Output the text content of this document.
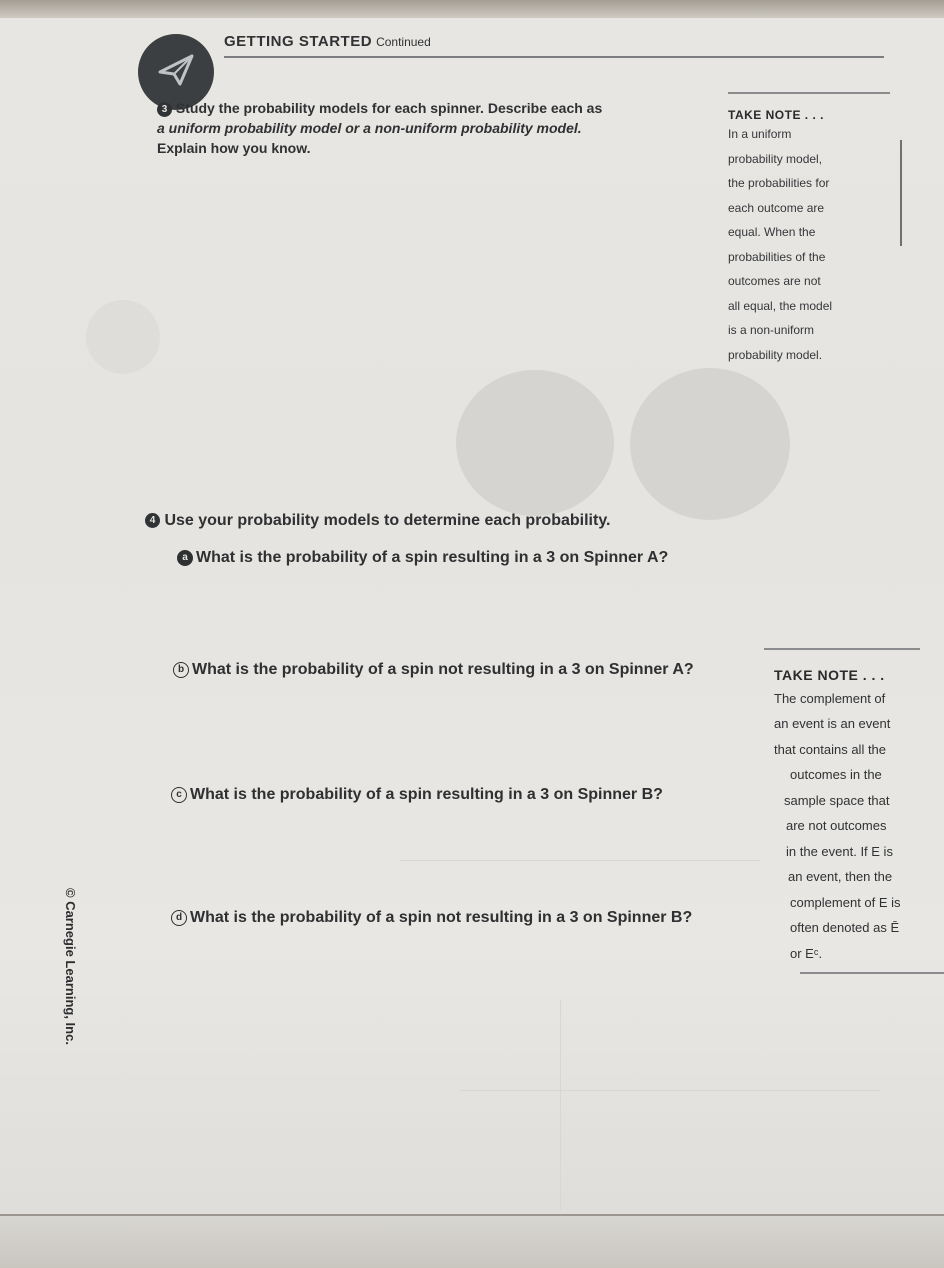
GETTING STARTED Continued
3 Study the probability models for each spinner. Describe each as
a uniform probability model or a non-uniform probability model.
Explain how you know.
TAKE NOTE . . .
In a uniform
probability model,
the probabilities for
each outcome are
equal. When the
probabilities of the
outcomes are not
all equal, the model
is a non-uniform
probability model.
4 Use your probability models to determine each probability.
a What is the probability of a spin resulting in a 3 on Spinner A?
b What is the probability of a spin not resulting in a 3 on Spinner A?
c What is the probability of a spin resulting in a 3 on Spinner B?
d What is the probability of a spin not resulting in a 3 on Spinner B?
TAKE NOTE . . .
The complement of
an event is an event
that contains all the
outcomes in the
sample space that
are not outcomes
in the event. If E is
an event, then the
complement of E is
often denoted as Ē
or Eᶜ.
© Carnegie Learning, Inc.
